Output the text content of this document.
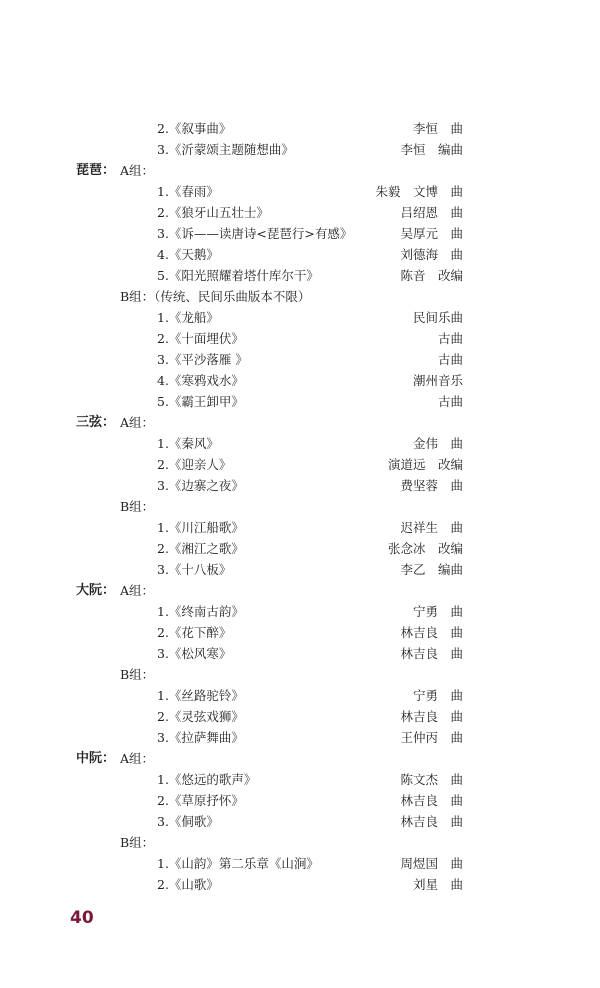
2.《叙事曲》	李恒　曲
3.《沂蒙颂主题随想曲》	李恒　编曲
琵琶： A组：
1.《春雨》	朱毅　文博　曲
2.《狼牙山五壮士》	吕绍恩　曲
3.《诉——读唐诗<琵琶行>有感》	吴厚元　曲
4.《天鹅》	刘德海　曲
5.《阳光照耀着塔什库尔干》	陈音　改编
B组：（传统、民间乐曲版本不限）
1.《龙船》	民间乐曲
2.《十面埋伏》	古曲
3.《平沙落雁 》	古曲
4.《寒鸦戏水》	潮州音乐
5.《霸王卸甲》	古曲
三弦： A组：
1.《秦风》	金伟　曲
2.《迎亲人》	演道远　改编
3.《边寨之夜》	费坚蓉　曲
B组：
1.《川江船歌》	迟祥生　曲
2.《湘江之歌》	张念冰　改编
3.《十八板》	李乙　编曲
大阮： A组：
1.《终南古韵》	宁勇　曲
2.《花下醉》	林吉良　曲
3.《松风寒》	林吉良　曲
B组：
1.《丝路驼铃》	宁勇　曲
2.《灵弦戏狮》	林吉良　曲
3.《拉萨舞曲》	王仲丙　曲
中阮： A组：
1.《悠远的歌声》	陈文杰　曲
2.《草原抒怀》	林吉良　曲
3.《侗歌》	林吉良　曲
B组：
1.《山韵》第二乐章《山涧》	周煜国　曲
2.《山歌》	刘星　曲
40
